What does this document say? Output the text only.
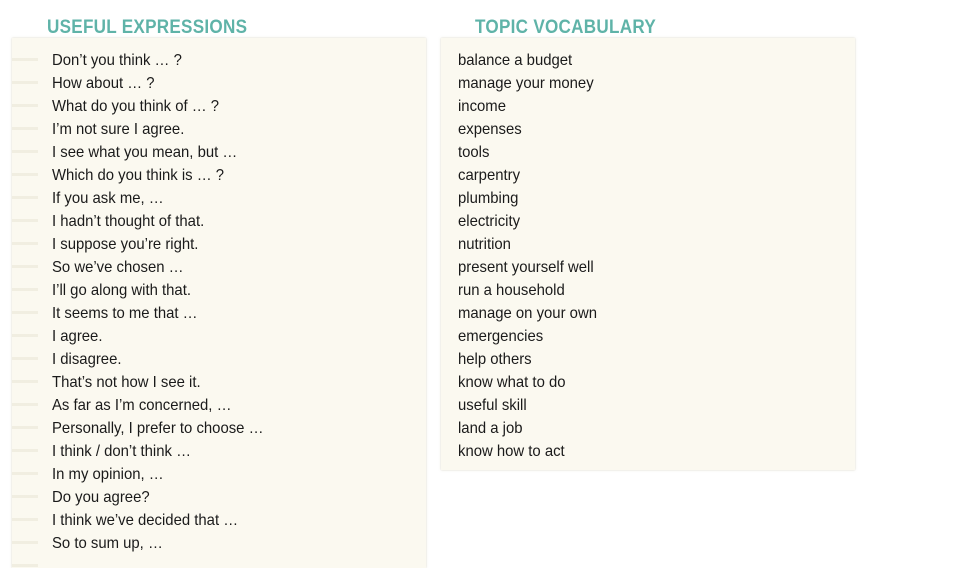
USEFUL EXPRESSIONS	TOPIC VOCABULARY
Don’t you think … ?
How about … ?
What do you think of … ?
I’m not sure I agree.
I see what you mean, but …
Which do you think is … ?
If you ask me, …
I hadn’t thought of that.
I suppose you’re right.
So we’ve chosen …
I’ll go along with that.
It seems to me that …
I agree.
I disagree.
That’s not how I see it.
As far as I’m concerned, …
Personally, I prefer to choose …
I think / don’t think …
In my opinion, …
Do you agree?
I think we’ve decided that …
So to sum up, …
balance a budget
manage your money
income
expenses
tools
carpentry
plumbing
electricity
nutrition
present yourself well
run a household
manage on your own
emergencies
help others
know what to do
useful skill
land a job
know how to act
